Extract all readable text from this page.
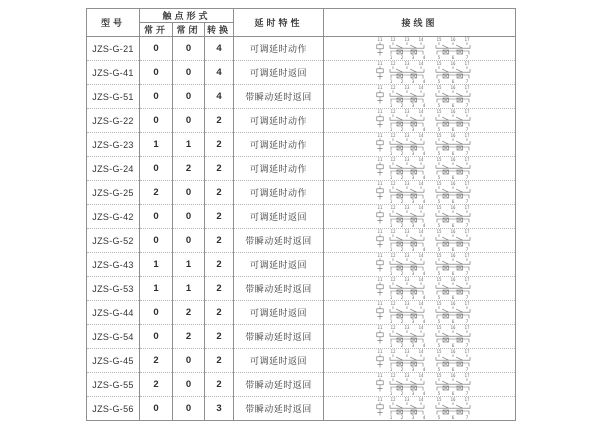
型号	触点形式			延时特性	接线图
	常开	常闭	转换		
JZS-G-21	0	0	4	可调延时动作	
11 12 13 14
1 2 3 4
15 16 17
5	6	7

JZS-G-41	0	0	4	可调延时返回	
11 12 13 14
1 2 3 4
15 16 17
5	6	7

JZS-G-51	0	0	4	带瞬动延时返回	
11 12 13 14
1 2 3 4
15 16 17
5	6	7

JZS-G-22	0	0	2	可调延时动作	
11 12 13 14
1 2 3 4
15 16 17
5	6	7

JZS-G-23	1	1	2	可调延时动作	
11 12 13 14
1 2 3 4
15 16 17
5	6	7

JZS-G-24	0	2	2	可调延时动作	
11 12 13 14
1 2 3 4
15 16 17
5	6	7

JZS-G-25	2	0	2	可调延时动作	
11 12 13 14
1 2 3 4
15 16 17
5	6	7

JZS-G-42	0	0	2	可调延时返回	
11 12 13 14
1 2 3 4
15 16 17
5	6	7

JZS-G-52	0	0	2	带瞬动延时返回	
11 12 13 14
1 2 3 4
15 16 17
5	6	7

JZS-G-43	1	1	2	可调延时返回	
11 12 13 14
1 2 3 4
15 16 17
5	6	7

JZS-G-53	1	1	2	带瞬动延时返回	
11 12 13 14
1 2 3 4
15 16 17
5	6	7

JZS-G-44	0	2	2	可调延时返回	
11 12 13 14
1 2 3 4
15 16 17
5	6	7

JZS-G-54	0	2	2	带瞬动延时返回	
11 12 13 14
1 2 3 4
15 16 17
5	6	7

JZS-G-45	2	0	2	可调延时返回	
11 12 13 14
1 2 3 4
15 16 17
5	6	7

JZS-G-55	2	0	2	带瞬动延时返回	
11 12 13 14
1 2 3 4
15 16 17
5	6	7

JZS-G-56	0	0	3	带瞬动延时返回	
11 12 13 14
1 2 3 4
15 16 17
5	6	7
